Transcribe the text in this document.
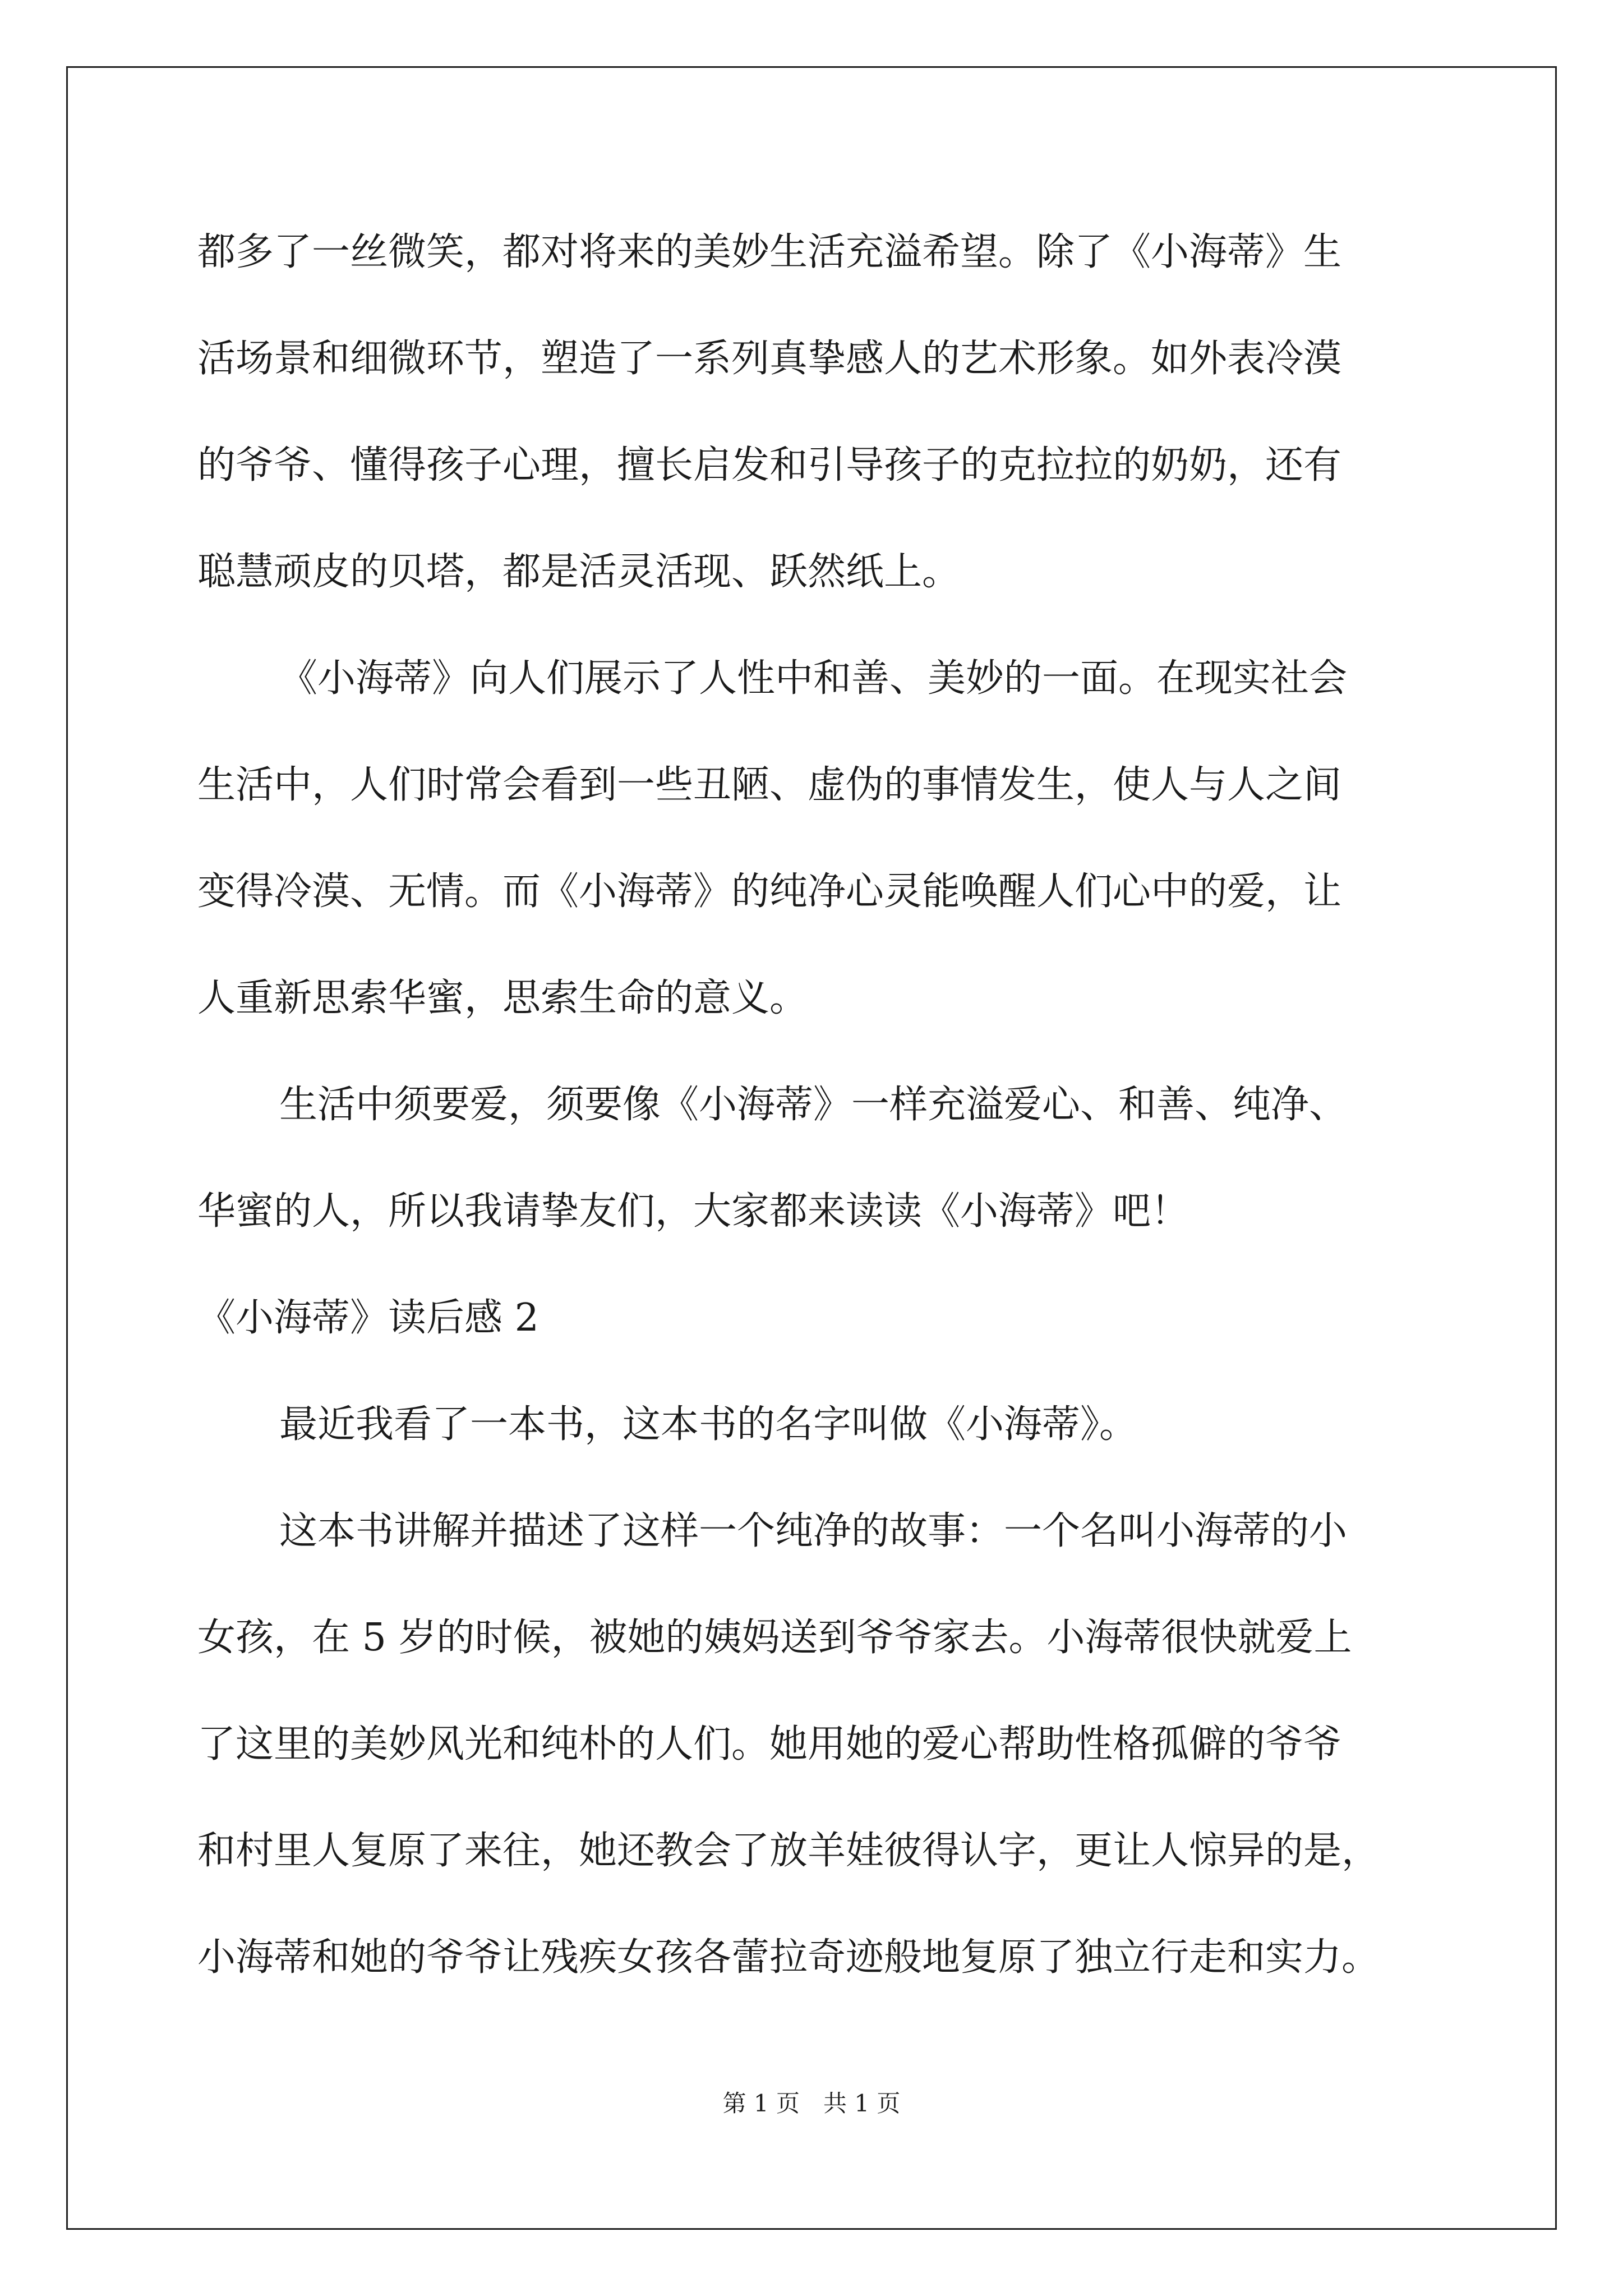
都多了一丝微笑，都对将来的美妙生活充溢希望。除了《小海蒂》生
活场景和细微环节，塑造了一系列真挚感人的艺术形象。如外表冷漠
的爷爷、懂得孩子心理，擅长启发和引导孩子的克拉拉的奶奶，还有
聪慧顽皮的贝塔，都是活灵活现、跃然纸上。
《小海蒂》向人们展示了人性中和善、美妙的一面。在现实社会
生活中，人们时常会看到一些丑陋、虚伪的事情发生，使人与人之间
变得冷漠、无情。而《小海蒂》的纯净心灵能唤醒人们心中的爱，让
人重新思索华蜜，思索生命的意义。
生活中须要爱，须要像《小海蒂》一样充溢爱心、和善、纯净、
华蜜的人，所以我请挚友们，大家都来读读《小海蒂》吧！
《小海蒂》读后感 2
最近我看了一本书，这本书的名字叫做《小海蒂》。
这本书讲解并描述了这样一个纯净的故事：一个名叫小海蒂的小
女孩，在 5 岁的时候，被她的姨妈送到爷爷家去。小海蒂很快就爱上
了这里的美妙风光和纯朴的人们。她用她的爱心帮助性格孤僻的爷爷
和村里人复原了来往，她还教会了放羊娃彼得认字，更让人惊异的是，
小海蒂和她的爷爷让残疾女孩各蕾拉奇迹般地复原了独立行走和实力。
第 1 页　共 1 页
